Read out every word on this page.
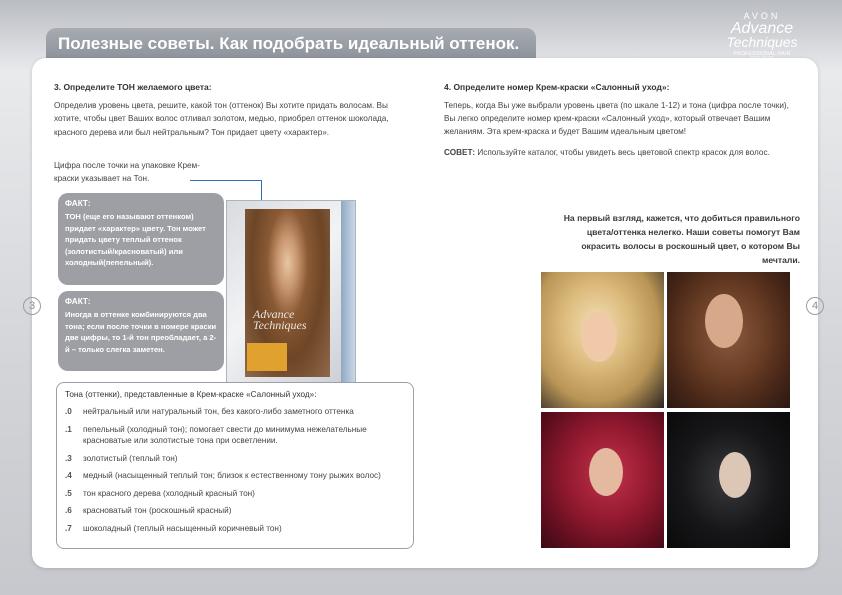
Полезные советы. Как подобрать идеальный оттенок.
AVON
Advance
Techniques
PROFESSIONAL HAIR
3	4
3. Определите ТОН желаемого цвета:
Определив уровень цвета, решите, какой тон (оттенок) Вы хотите придать волосам. Вы хотите, чтобы цвет Ваших волос отливал золотом, медью, приобрел оттенок шоколада, красного дерева или был нейтральным? Тон придает цвету «характер».
Цифра после точки на упаковке Крем-краски указывает на Тон.
Advance
Techniques
ФАКТ:
ТОН (еще его называют оттенком) придает «характер» цвету. Тон может придать цвету теплый оттенок (золотистый/красноватый) или холодный(пепельный).
ФАКТ:
Иногда в оттенке комбинируются два тона; если после точки в номере краски две цифры, то 1-й тон преобладает, а 2-й – только слегка заметен.
Тона (оттенки), представленные в Крем-краске «Салонный уход»:
.0	нейтральный или натуральный тон, без какого-либо заметного оттенка
.1	пепельный (холодный тон); помогает свести до минимума нежелательные красноватые или золотистые тона при осветлении.
.3	золотистый (теплый тон)
.4	медный (насыщенный теплый тон; близок к естественному тону рыжих волос)
.5	тон красного дерева (холодный красный тон)
.6	красноватый тон (роскошный красный)
.7	шоколадный (теплый насыщенный коричневый тон)
4. Определите номер Крем-краски «Салонный уход»:
Теперь, когда Вы уже выбрали уровень цвета (по шкале 1-12) и тона (цифра после точки), Вы легко определите номер крем-краски «Салонный уход», который отвечает Вашим желаниям. Эта крем-краска и будет Вашим идеальным цветом!
СОВЕТ: Используйте каталог, чтобы увидеть весь цветовой спектр красок для волос.
На первый взгляд, кажется, что добиться правильного цвета/оттенка нелегко. Наши советы помогут Вам окрасить волосы в роскошный цвет, о котором Вы мечтали.
